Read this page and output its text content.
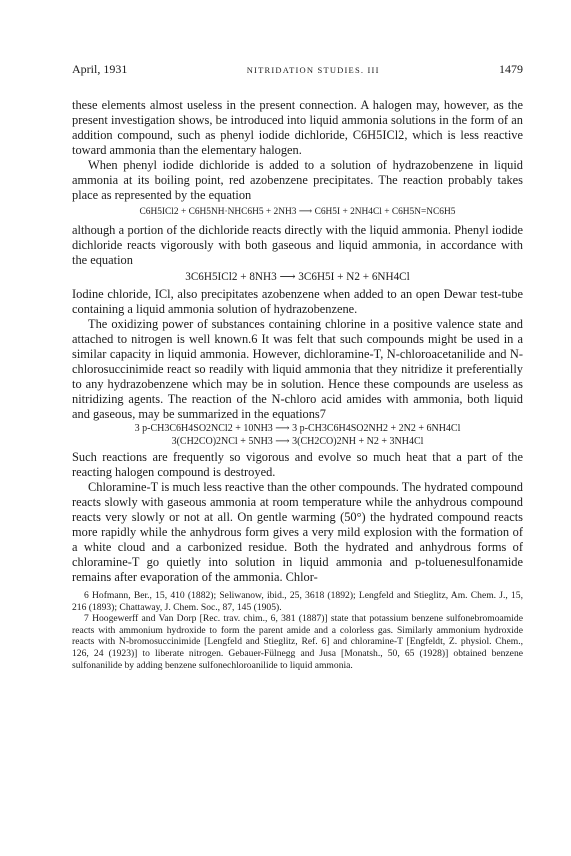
April, 1931	NITRIDATION STUDIES. III	1479

these elements almost useless in the present connection. A halogen may, however, as the present investigation shows, be introduced into liquid ammonia solutions in the form of an addition compound, such as phenyl iodide dichloride, C6H5ICl2, which is less reactive toward ammonia than the elementary halogen.

When phenyl iodide dichloride is added to a solution of hydrazobenzene in liquid ammonia at its boiling point, red azobenzene precipitates. The reaction probably takes place as represented by the equation

C6H5ICl2 + C6H5NH·NHC6H5 + 2NH3 ⟶ C6H5I + 2NH4Cl + C6H5N=NC6H5

although a portion of the dichloride reacts directly with the liquid ammonia. Phenyl iodide dichloride reacts vigorously with both gaseous and liquid ammonia, in accordance with the equation

3C6H5ICl2 + 8NH3 ⟶ 3C6H5I + N2 + 6NH4Cl

Iodine chloride, ICl, also precipitates azobenzene when added to an open Dewar test-tube containing a liquid ammonia solution of hydrazobenzene.

The oxidizing power of substances containing chlorine in a positive valence state and attached to nitrogen is well known.6 It was felt that such compounds might be used in a similar capacity in liquid ammonia. However, dichloramine-T, N-chloroacetanilide and N-chlorosuccinimide react so readily with liquid ammonia that they nitridize it preferentially to any hydrazobenzene which may be in solution. Hence these compounds are useless as nitridizing agents. The reaction of the N-chloro acid amides with ammonia, both liquid and gaseous, may be summarized in the equations7

3 p-CH3C6H4SO2NCl2 + 10NH3 ⟶ 3 p-CH3C6H4SO2NH2 + 2N2 + 6NH4Cl
3(CH2CO)2NCl + 5NH3 ⟶ 3(CH2CO)2NH + N2 + 3NH4Cl

Such reactions are frequently so vigorous and evolve so much heat that a part of the reacting halogen compound is destroyed.

Chloramine-T is much less reactive than the other compounds. The hydrated compound reacts slowly with gaseous ammonia at room temperature while the anhydrous compound reacts very slowly or not at all. On gentle warming (50°) the hydrated compound reacts more rapidly while the anhydrous form gives a very mild explosion with the formation of a white cloud and a carbonized residue. Both the hydrated and anhydrous forms of chloramine-T go quietly into solution in liquid ammonia and p-toluenesulfonamide remains after evaporation of the ammonia. Chlor-

6 Hofmann, Ber., 15, 410 (1882); Seliwanow, ibid., 25, 3618 (1892); Lengfeld and Stieglitz, Am. Chem. J., 15, 216 (1893); Chattaway, J. Chem. Soc., 87, 145 (1905).

7 Hoogewerff and Van Dorp [Rec. trav. chim., 6, 381 (1887)] state that potassium benzene sulfonebromoamide reacts with ammonium hydroxide to form the parent amide and a colorless gas. Similarly ammonium hydroxide reacts with N-bromosuccinimide [Lengfeld and Stieglitz, Ref. 6] and chloramine-T [Engfeldt, Z. physiol. Chem., 126, 24 (1923)] to liberate nitrogen. Gebauer-Fülnegg and Jusa [Monatsh., 50, 65 (1928)] obtained benzene sulfonanilide by adding benzene sulfonechloroanilide to liquid ammonia.
